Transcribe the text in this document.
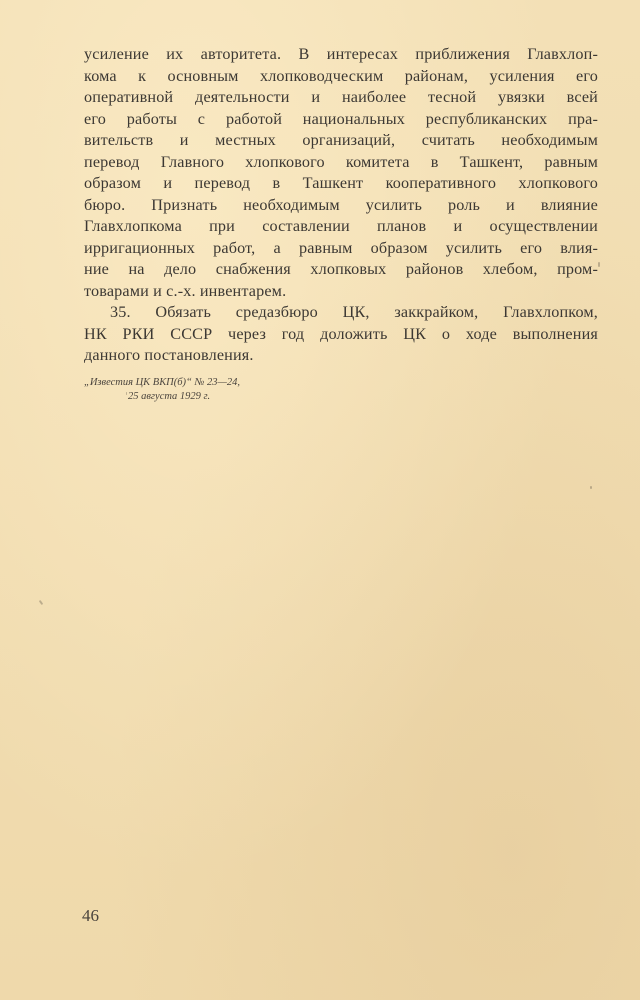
усиление их авторитета. В интересах приближения Главхлоп-
кома к основным хлопководческим районам, усиления его
оперативной деятельности и наиболее тесной увязки всей
его работы с работой национальных республиканских пра-
вительств и местных организаций, считать необходимым
перевод Главного хлопкового комитета в Ташкент, равным
образом и перевод в Ташкент кооперативного хлопкового
бюро. Признать необходимым усилить роль и влияние
Главхлопкома при составлении планов и осуществлении
ирригационных работ, а равным образом усилить его влия-
ние на дело снабжения хлопковых районов хлебом, пром-
товарами и с.-х. инвентарем.
35. Обязать средазбюро ЦК, заккрайком, Главхлопком,
НК РКИ СССР через год доложить ЦК о ходе выполнения
данного постановления.
„Известия ЦК ВКП(б)“ № 23—24,
25 августа 1929 г.
46
